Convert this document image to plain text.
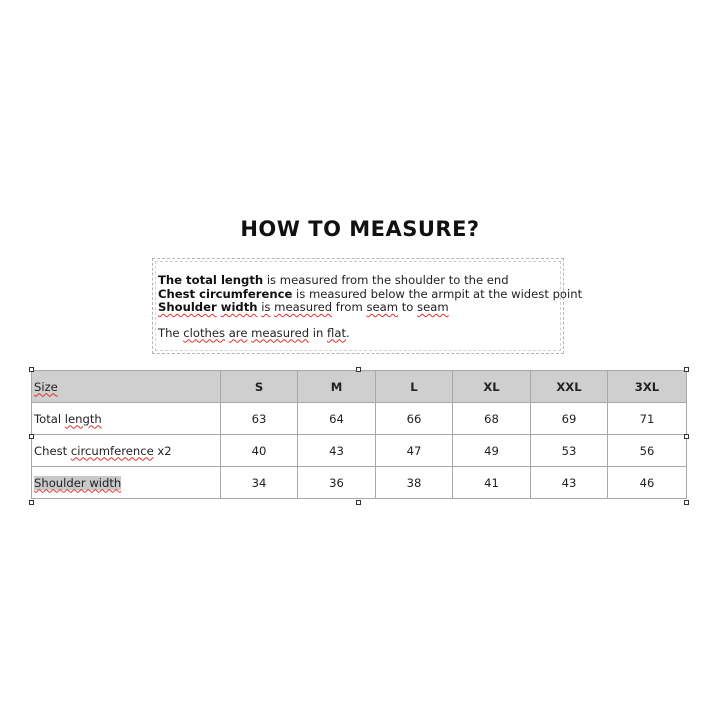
HOW TO MEASURE?
The total length is measured from the shoulder to the end
Chest circumference is measured below the armpit at the widest point
Shoulder width is measured from seam to seam
The clothes are measured in flat.
Size	S	M	L	XL	XXL	3XL
Total length	63	64	66	68	69	71
Chest circumference x2	40	43	47	49	53	56
Shoulder width	34	36	38	41	43	46
